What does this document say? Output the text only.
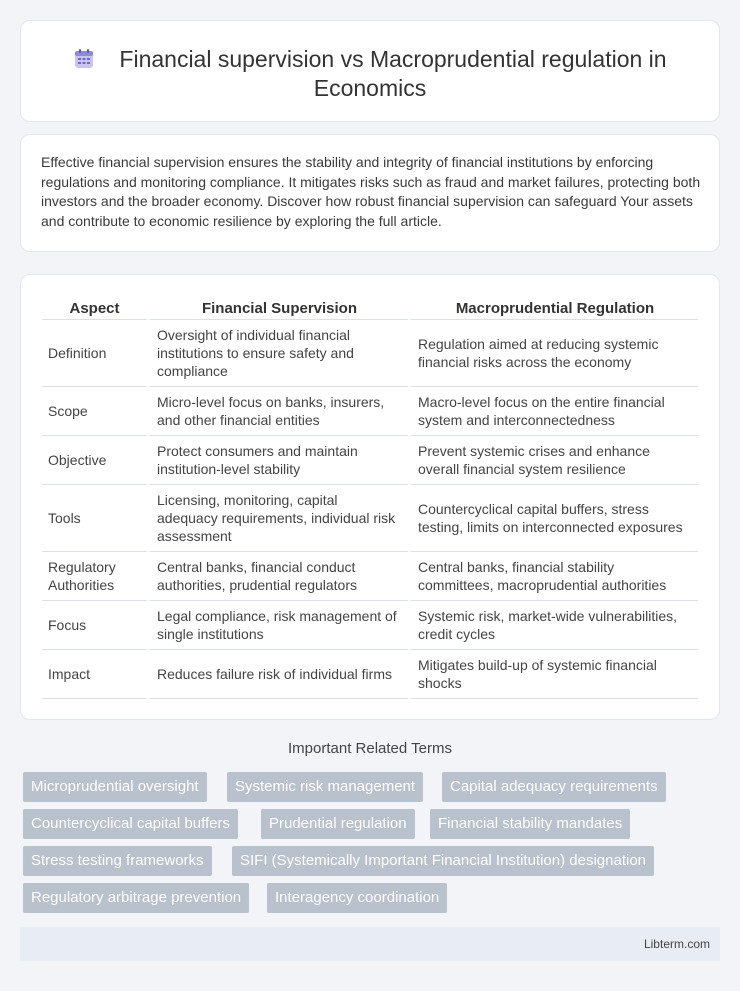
Financial supervision vs Macroprudential regulation in Economics

Effective financial supervision ensures the stability and integrity of financial institutions by enforcing regulations and monitoring compliance. It mitigates risks such as fraud and market failures, protecting both investors and the broader economy. Discover how robust financial supervision can safeguard Your assets and contribute to economic resilience by exploring the full article.

Aspect	Financial Supervision	Macroprudential Regulation
Definition	Oversight of individual financial institutions to ensure safety and compliance	Regulation aimed at reducing systemic financial risks across the economy
Scope	Micro-level focus on banks, insurers, and other financial entities	Macro-level focus on the entire financial system and interconnectedness
Objective	Protect consumers and maintain institution-level stability	Prevent systemic crises and enhance overall financial system resilience
Tools	Licensing, monitoring, capital adequacy requirements, individual risk assessment	Countercyclical capital buffers, stress testing, limits on interconnected exposures
Regulatory Authorities	Central banks, financial conduct authorities, prudential regulators	Central banks, financial stability committees, macroprudential authorities
Focus	Legal compliance, risk management of single institutions	Systemic risk, market-wide vulnerabilities, credit cycles
Impact	Reduces failure risk of individual firms	Mitigates build-up of systemic financial shocks
Important Related Terms
Microprudential oversight	Systemic risk management	Capital adequacy requirements
Countercyclical capital buffers	Prudential regulation	Financial stability mandates
Stress testing frameworks	SIFI (Systemically Important Financial Institution) designation
Regulatory arbitrage prevention	Interagency coordination
Libterm.com
